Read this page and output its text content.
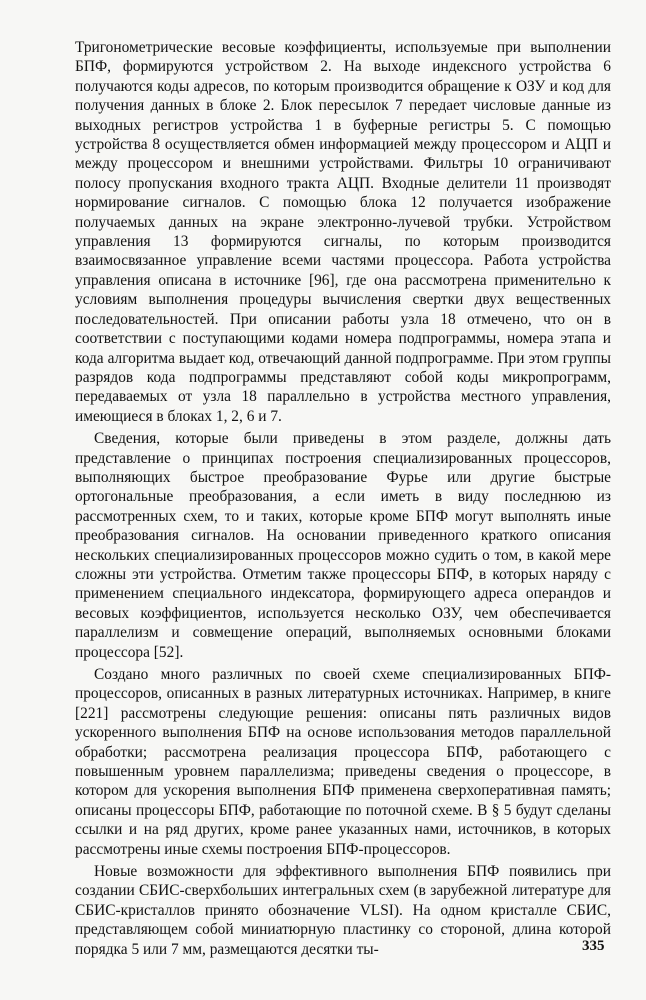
Тригонометрические весовые коэффициенты, используемые при выполнении БПФ, формируются устройством 2. На выходе индексного устройства 6 получаются коды адресов, по которым производится обращение к ОЗУ и код для получения данных в блоке 2. Блок пересылок 7 передает числовые данные из выходных регистров устройства 1 в буферные регистры 5. С помощью устройства 8 осуществляется обмен информацией между процессором и АЦП и между процессором и внешними устройствами. Фильтры 10 ограничивают полосу пропускания входного тракта АЦП. Входные делители 11 производят нормирование сигналов. С помощью блока 12 получается изображение получаемых данных на экране электронно-лучевой трубки. Устройством управления 13 формируются сигналы, по которым производится взаимосвязанное управление всеми частями процессора. Работа устройства управления описана в источнике [96], где она рассмотрена применительно к условиям выполнения процедуры вычисления свертки двух вещественных последовательностей. При описании работы узла 18 отмечено, что он в соответствии с поступающими кодами номера подпрограммы, номера этапа и кода алгоритма выдает код, отвечающий данной подпрограмме. При этом группы разрядов кода подпрограммы представляют собой коды микропрограмм, передаваемых от узла 18 параллельно в устройства местного управления, имеющиеся в блоках 1, 2, 6 и 7.

Сведения, которые были приведены в этом разделе, должны дать представление о принципах построения специализированных процессоров, выполняющих быстрое преобразование Фурье или другие быстрые ортогональные преобразования, а если иметь в виду последнюю из рассмотренных схем, то и таких, которые кроме БПФ могут выполнять иные преобразования сигналов. На основании приведенного краткого описания нескольких специализированных процессоров можно судить о том, в какой мере сложны эти устройства. Отметим также процессоры БПФ, в которых наряду с применением специального индексатора, формирующего адреса операндов и весовых коэффициентов, используется несколько ОЗУ, чем обеспечивается параллелизм и совмещение операций, выполняемых основными блоками процессора [52].

Создано много различных по своей схеме специализированных БПФ-процессоров, описанных в разных литературных источниках. Например, в книге [221] рассмотрены следующие решения: описаны пять различных видов ускоренного выполнения БПФ на основе использования методов параллельной обработки; рассмотрена реализация процессора БПФ, работающего с повышенным уровнем параллелизма; приведены сведения о процессоре, в котором для ускорения выполнения БПФ применена сверхоперативная память; описаны процессоры БПФ, работающие по поточной схеме. В § 5 будут сделаны ссылки и на ряд других, кроме ранее указанных нами, источников, в которых рассмотрены иные схемы построения БПФ-процессоров.

Новые возможности для эффективного выполнения БПФ появились при создании СБИС-сверхбольших интегральных схем (в зарубежной литературе для СБИС-кристаллов принято обозначение VLSI). На одном кристалле СБИС, представляющем собой миниатюрную пластинку со стороной, длина которой порядка 5 или 7 мм, размещаются десятки ты-	335
